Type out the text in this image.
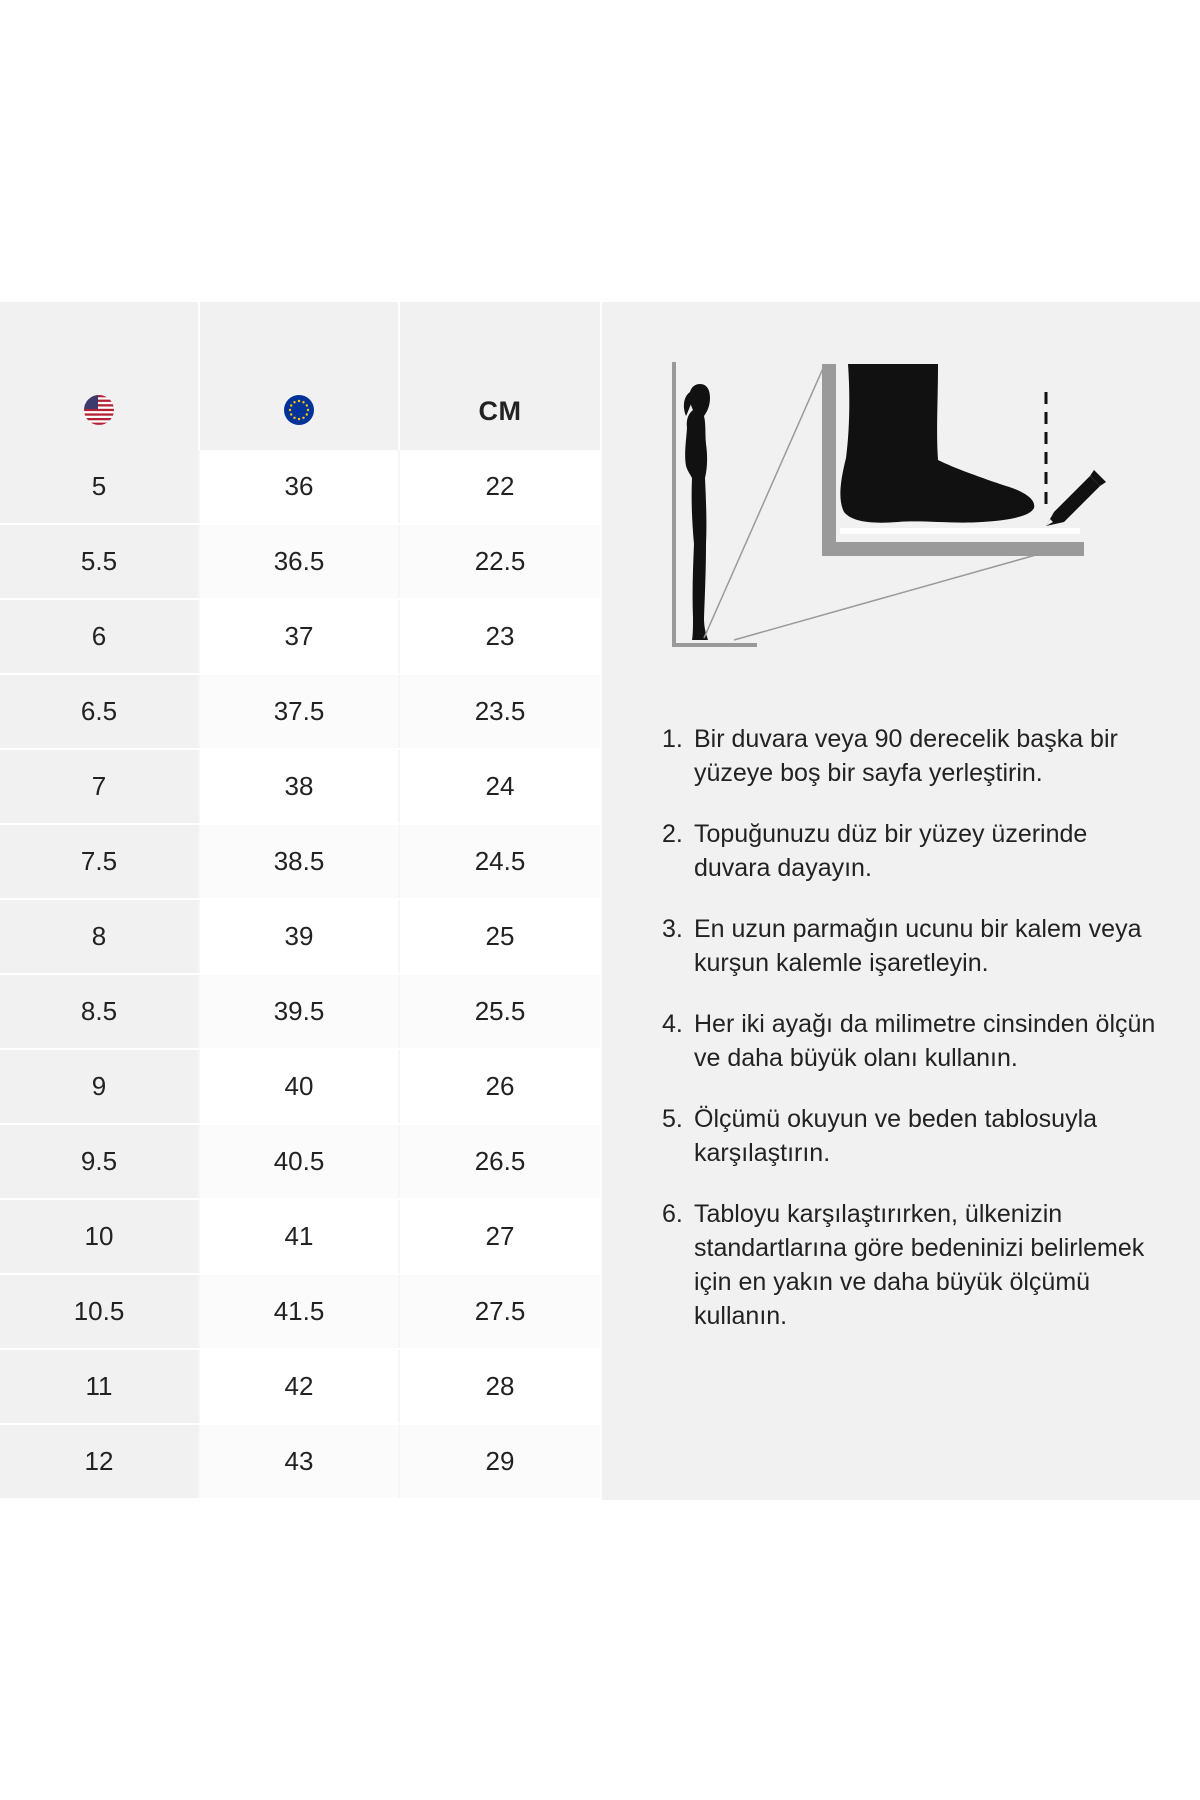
CM
5	36	22
5.5	36.5	22.5
6	37	23
6.5	37.5	23.5
7	38	24
7.5	38.5	24.5
8	39	25
8.5	39.5	25.5
9	40	26
9.5	40.5	26.5
10	41	27
10.5	41.5	27.5
11	42	28
12	43	29
1. Bir duvara veya 90 derecelik başka bir yüzeye boş bir sayfa yerleştirin.
2. Topuğunuzu düz bir yüzey üzerinde duvara dayayın.
3. En uzun parmağın ucunu bir kalem veya kurşun kalemle işaretleyin.
4. Her iki ayağı da milimetre cinsinden ölçün ve daha büyük olanı kullanın.
5. Ölçümü okuyun ve beden tablosuyla karşılaştırın.
6. Tabloyu karşılaştırırken, ülkenizin standartlarına göre bedeninizi belirlemek için en yakın ve daha büyük ölçümü kullanın.
